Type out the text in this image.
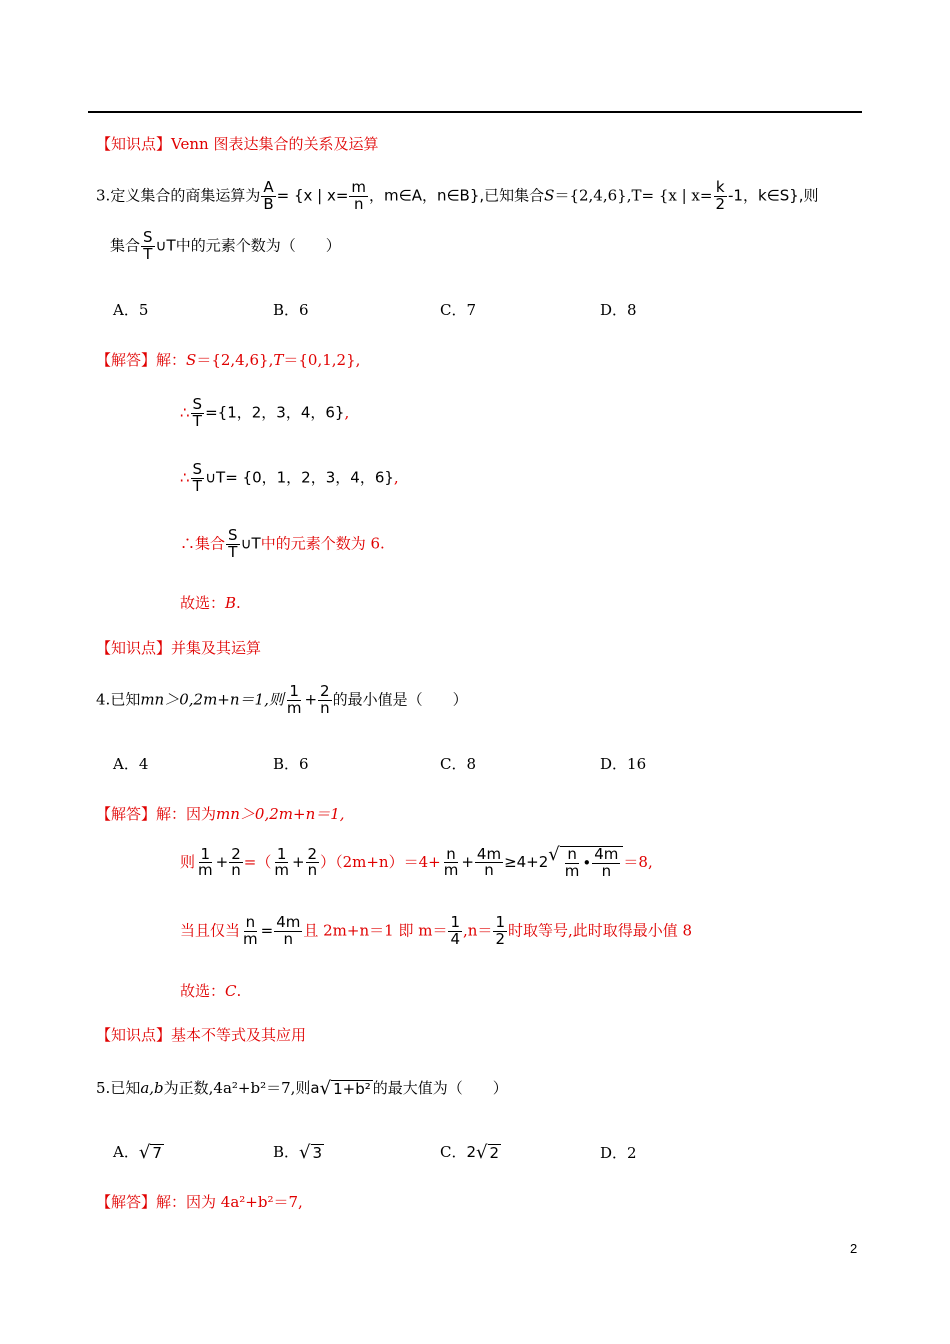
【知识点】Venn 图表达集合的关系及运算
3.定义集合的商集运算为 $\frac{A}{B} = \{x$ | $x= \frac{m}{n}$ ，m∈A，n∈B},已知集合S＝{2,4,6},T= {x | $x= \frac{k}{2} -1$，k∈S},则
集合 $\frac{S}{T}$ ∪T中的元素个数为（　　）
A．5	B．6	C．7	D．8
【解答】解：S＝{2,4,6},T＝{0,1,2},
∴ $\frac{S}{T} =\{1$，2，3，4，6},
∴ $\frac{S}{T}$ ∪T= {0，1，2，3，4，6},
∴集合 $\frac{S}{T}$ ∪T中的元素个数为 6.
故选：B.
【知识点】并集及其运算
4.已知mn＞0,2m+n＝1,则 $\frac{1}{m} + \frac{2}{n}$ 的最小值是（　　）
A．4	B．6	C．8	D．16
【解答】解：因为mn＞0,2m+n＝1,
则 $\frac{1}{m} + \frac{2}{n}$ =（ $\frac{1}{m} + \frac{2}{n} )(2m+n)=4+ \frac{n}{m} + \frac{4m}{n} \ge 4+2$ √ $\frac{n}{m}$ • $\frac{4m}{n} =8$,
当且仅当 $\frac{n}{m} = \frac{4m}{n}$ 且 2m+n＝1 即 $m= \frac{1}{4} ,n= \frac{1}{2}$ 时取等号,此时取得最小值 8
故选：C.
【知识点】基本不等式及其应用
5.已知a,b为正数,4a²+b²＝7,则a √ 1+b² 的最大值为（　　）
A． √ 7	B． √ 3	C．2 √ 2	D．2
【解答】解：因为 4a²+b²＝7,
2
